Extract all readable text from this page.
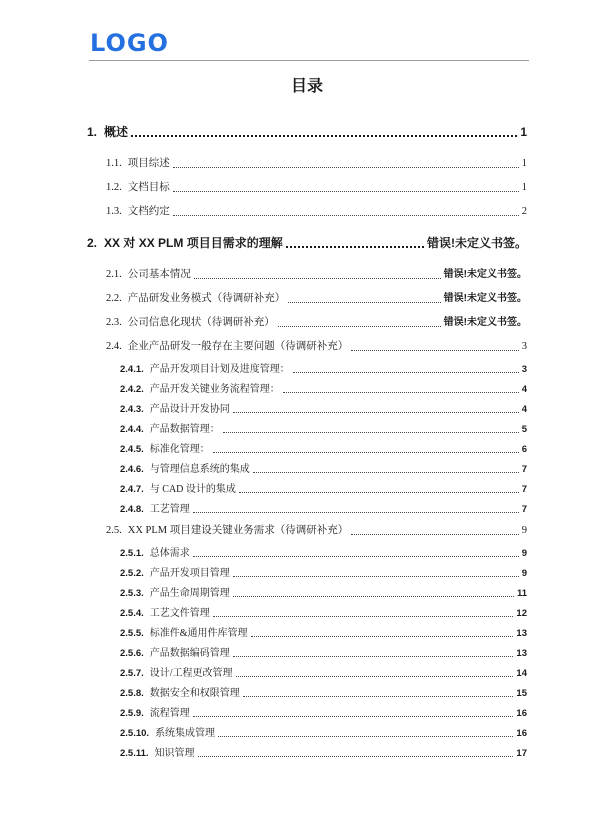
LOGO
目录
1. 概述	1
1.1. 项目综述	1
1.2. 文档目标	1
1.3. 文档约定	2
2. XX 对 XX PLM 项目目需求的理解	错误!未定义书签。
2.1. 公司基本情况	错误!未定义书签。
2.2. 产品研发业务模式（待调研补充）	错误!未定义书签。
2.3. 公司信息化现状（待调研补充）	错误!未定义书签。
2.4. 企业产品研发一般存在主要问题（待调研补充）	3
2.4.1. 产品开发项目计划及进度管理：	3
2.4.2. 产品开发关键业务流程管理：	4
2.4.3. 产品设计开发协同	4
2.4.4. 产品数据管理：	5
2.4.5. 标准化管理：	6
2.4.6. 与管理信息系统的集成	7
2.4.7. 与 CAD 设计的集成	7
2.4.8. 工艺管理	7
2.5. XX PLM 项目建设关键业务需求（待调研补充）	9
2.5.1. 总体需求	9
2.5.2. 产品开发项目管理	9
2.5.3. 产品生命周期管理	11
2.5.4. 工艺文件管理	12
2.5.5. 标准件&通用件库管理	13
2.5.6. 产品数据编码管理	13
2.5.7. 设计/工程更改管理	14
2.5.8. 数据安全和权限管理	15
2.5.9. 流程管理	16
2.5.10. 系统集成管理	16
2.5.11. 知识管理	17
